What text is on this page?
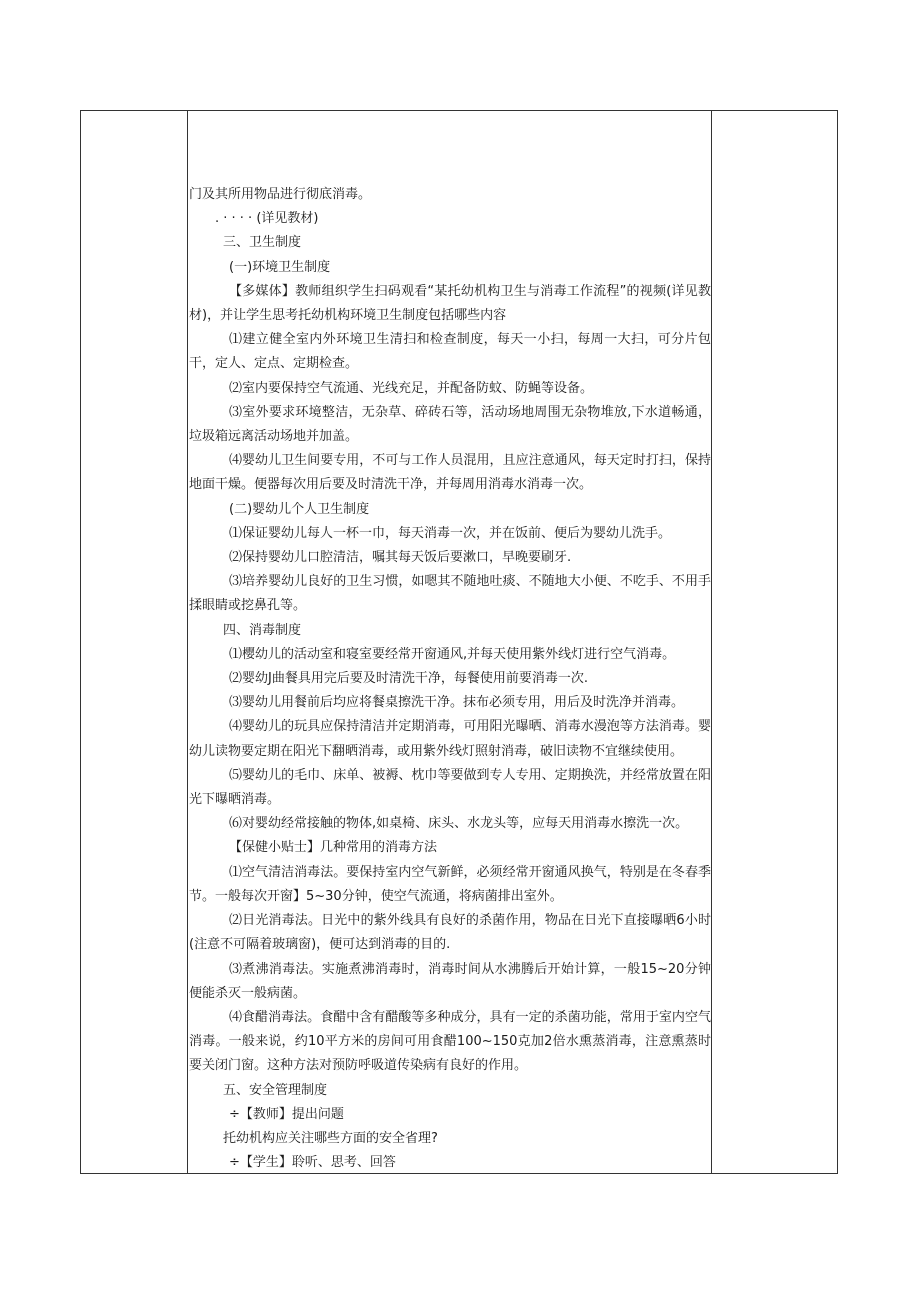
门及其所用物品进行彻底消毒。

. · · · · (详见教材)

三、卫生制度

(一)环境卫生制度

【多媒体】教师组织学生扫码观看“某托幼机构卫生与消毒工作流程”的视频(详见教材)，并让学生思考托幼机构环境卫生制度包括哪些内容

⑴建立健全室内外环境卫生清扫和检查制度，每天一小扫，每周一大扫，可分片包干，定人、定点、定期检查。

⑵室内要保持空气流通、光线充足，并配备防蚊、防蝇等设备。

⑶室外要求环境整洁，无杂草、碎砖石等，活动场地周围无杂物堆放,下水道畅通，垃圾箱远离活动场地并加盖。

⑷婴幼儿卫生间要专用，不可与工作人员混用，且应注意通风，每天定时打扫，保持地面干燥。便器每次用后要及时清洗干净，并每周用消毒水消毒一次。

(二)婴幼儿个人卫生制度

⑴保证婴幼儿每人一杯一巾，每天消毒一次，并在饭前、便后为婴幼儿洗手。

⑵保持婴幼儿口腔清洁，嘱其每天饭后要漱口，早晚要刷牙.

⑶培养婴幼儿良好的卫生习惯，如嗯其不随地吐痰、不随地大小便、不吃手、不用手揉眼睛或挖鼻孔等。

四、消毒制度

⑴樱幼儿的活动室和寝室要经常开窗通风,并每天使用紫外线灯进行空气消毒。

⑵婴幼J曲餐具用完后要及时清洗干净，每餐使用前要消毒一次.

⑶婴幼儿用餐前后均应将餐桌擦洗干净。抹布必须专用，用后及时洗净并消毒。

⑷婴幼儿的玩具应保持清洁并定期消毒，可用阳光曝晒、消毒水漫泡等方法消毒。婴幼儿读物要定期在阳光下翻晒消毒，或用紫外线灯照射消毒，破旧读物不宜继续使用。

⑸婴幼儿的毛巾、床单、被褥、枕巾等要做到专人专用、定期换洗，并经常放置在阳光下曝晒消毒。

⑹对婴幼经常接触的物体,如桌椅、床头、水龙头等，应每天用消毒水擦洗一次。

【保健小贴士】几种常用的消毒方法

⑴空气清洁消毒法。要保持室内空气新鲜，必须经常开窗通风换气，特别是在冬春季节。一般每次开窗】5~30分钟，使空气流通，将病菌排出室外。

⑵日光消毒法。日光中的紫外线具有良好的杀菌作用，物品在日光下直接曝晒6小时(注意不可隔着玻璃窗)，便可达到消毒的目的.

⑶煮沸消毒法。实施煮沸消毒时，消毒时间从水沸腾后开始计算，一般15~20分钟便能杀灭一般病菌。

⑷食醋消毒法。食醋中含有醋酸等多种成分，具有一定的杀菌功能，常用于室内空气消毒。一般来说，约10平方米的房间可用食醋100~150克加2倍水熏蒸消毒，注意熏蒸时要关闭门窗。这种方法对预防呼吸道传染病有良好的作用。

五、安全管理制度

÷【教师】提出问题

托幼机构应关注哪些方面的安全省理?

÷【学生】聆听、思考、回答
